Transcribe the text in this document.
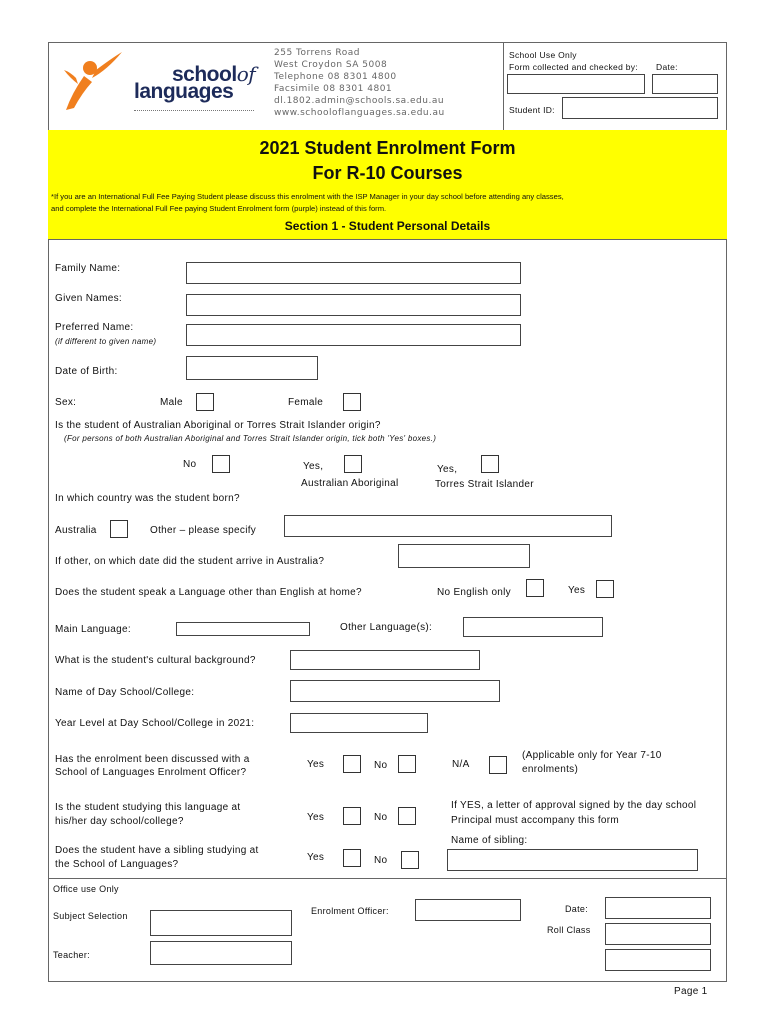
schoolof
languages
255 Torrens Road
West Croydon SA 5008
Telephone 08 8301 4800
Facsimile 08 8301 4801
dl.1802.admin@schools.sa.edu.au
www.schooloflanguages.sa.edu.au
School Use Only
Form collected and checked by: Date:
Student ID:
2021 Student Enrolment Form
For R-10 Courses
*If you are an International Full Fee Paying Student please discuss this enrolment with the ISP Manager in your day school before attending any classes,
and complete the International Full Fee paying Student Enrolment form (purple) instead of this form.
Section 1 - Student Personal Details
Family Name:
Given Names:
Preferred Name:
(if different to given name)
Date of Birth:
Sex:	Male	Female
Is the student of Australian Aboriginal or Torres Strait Islander origin?
(For persons of both Australian Aboriginal and Torres Strait Islander origin, tick both 'Yes' boxes.)
No	Yes,
Australian Aboriginal
Yes,
Torres Strait Islander
In which country was the student born?
Australia	Other – please specify
If other, on which date did the student arrive in Australia?
Does the student speak a Language other than English at home?	No English only	Yes
Main Language:	Other Language(s):
What is the student's cultural background?
Name of Day School/College:
Year Level at Day School/College in 2021:
Has the enrolment been discussed with a
School of Languages Enrolment Officer?
Yes	No	N/A
(Applicable only for Year 7-10
enrolments)
Is the student studying this language at
his/her day school/college?	Yes	No
If YES, a letter of approval signed by the day school
Principal must accompany this form
Name of sibling:
Does the student have a sibling studying at
the School of Languages?
Yes	No
Office use Only
Subject Selection	Enrolment Officer:	Date:
Roll Class
Teacher:
Page 1
